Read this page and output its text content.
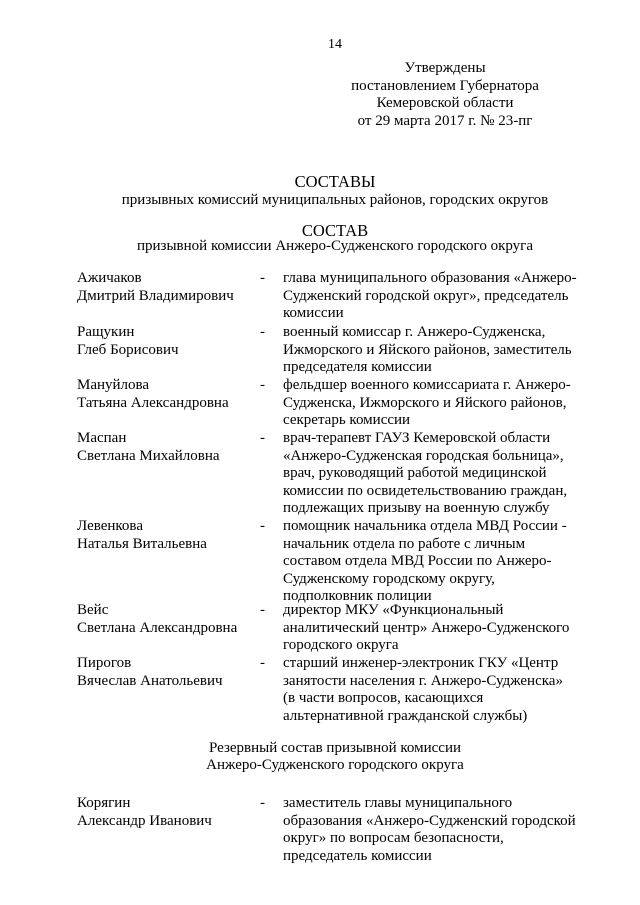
14
Утверждены
постановлением Губернатора
Кемеровской области
от 29 марта 2017 г. № 23-пг
СОСТАВЫ
призывных комиссий муниципальных районов, городских округов
СОСТАВ
призывной комиссии Анжеро-Судженского городского округа
Ажичаков
Дмитрий Владимирович
- глава муниципального образования «Анжеро-
Судженский городской округ», председатель
комиссии
Ращукин
Глеб Борисович
- военный комиссар г. Анжеро-Судженска,
Ижморского и Яйского районов, заместитель
председателя комиссии
Мануйлова
Татьяна Александровна
- фельдшер военного комиссариата г. Анжеро-
Судженска, Ижморского и Яйского районов,
секретарь комиссии
Маспан
Светлана Михайловна
- врач-терапевт ГАУЗ Кемеровской области
«Анжеро-Судженская городская больница»,
врач, руководящий работой медицинской
комиссии по освидетельствованию граждан,
подлежащих призыву на военную службу
Левенкова
Наталья Витальевна
- помощник начальника отдела МВД России -
начальник отдела по работе с личным
составом отдела МВД России по Анжеро-
Судженскому городскому округу,
подполковник полиции
Вейс
Светлана Александровна
- директор МКУ «Функциональный
аналитический центр» Анжеро-Судженского
городского округа
Пирогов
Вячеслав Анатольевич
- старший инженер-электроник ГКУ «Центр
занятости населения г. Анжеро-Судженска»
(в части вопросов, касающихся
альтернативной гражданской службы)
Резервный состав призывной комиссии
Анжеро-Судженского городского округа
Корягин
Александр Иванович
- заместитель главы муниципального
образования «Анжеро-Судженский городской
округ» по вопросам безопасности,
председатель комиссии
